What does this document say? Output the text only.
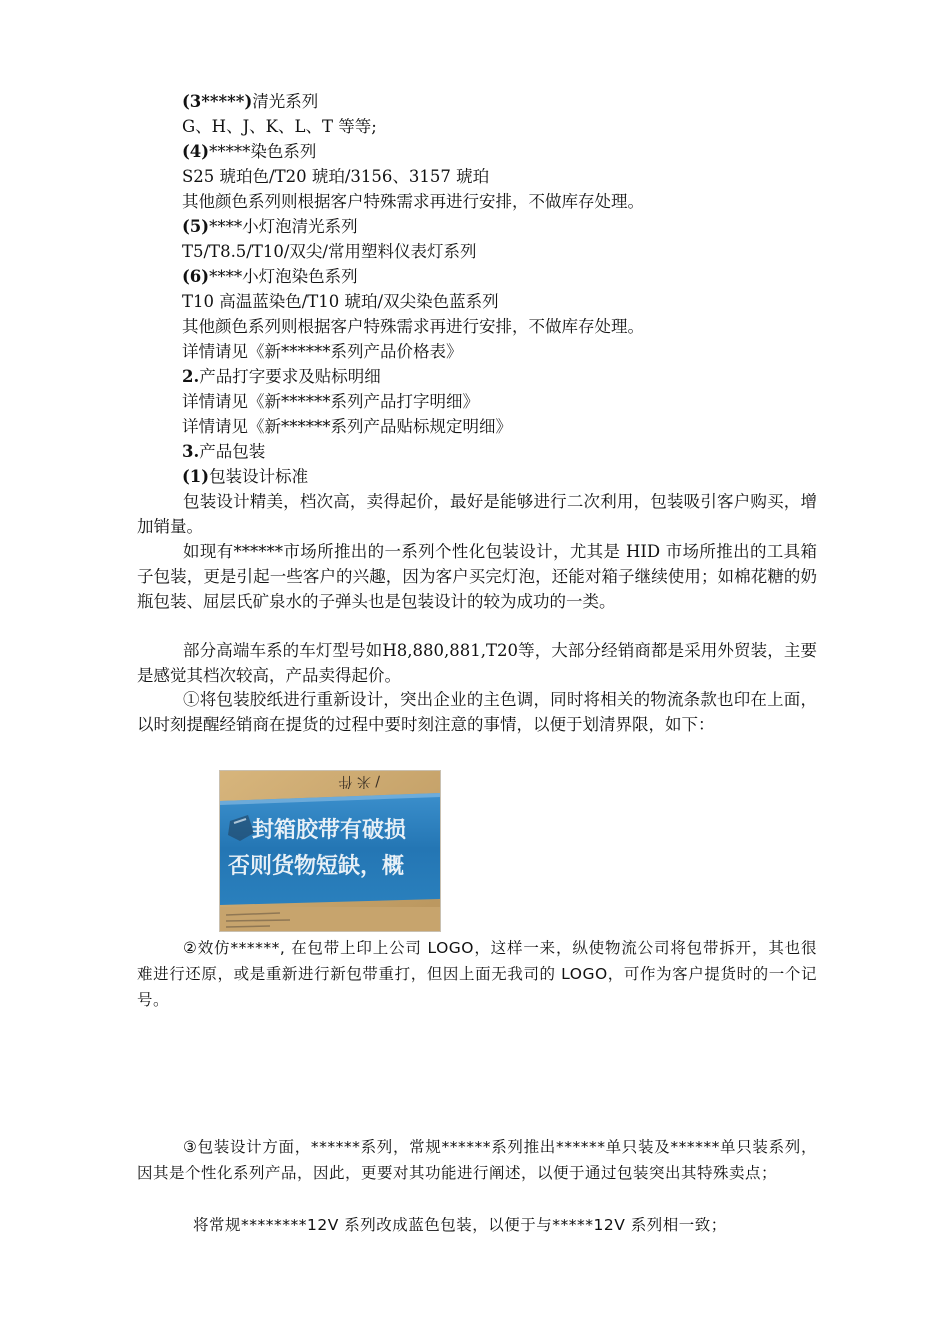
(3*****)清光系列
G、H、J、K、L、T 等等;
(4)*****染色系列
S25 琥珀色/T20 琥珀/3156、3157 琥珀
其他颜色系列则根据客户特殊需求再进行安排，不做库存处理。
(5)****小灯泡清光系列
T5/T8.5/T10/双尖/常用塑料仪表灯系列
(6)****小灯泡染色系列
T10 高温蓝染色/T10 琥珀/双尖染色蓝系列
其他颜色系列则根据客户特殊需求再进行安排，不做库存处理。
详情请见《新******系列产品价格表》
2.产品打字要求及贴标明细
详情请见《新******系列产品打字明细》
详情请见《新******系列产品贴标规定明细》
3.产品包装
(1)包装设计标准
包装设计精美，档次高，卖得起价，最好是能够进行二次利用，包装吸引客户购买，增加销量。
如现有******市场所推出的一系列个性化包装设计，尤其是 HID 市场所推出的工具箱子包装，更是引起一些客户的兴趣，因为客户买完灯泡，还能对箱子继续使用；如棉花糖的奶瓶包装、屈层氏矿泉水的子弹头也是包装设计的较为成功的一类。
部分高端车系的车灯型号如H8,880,881,T20等，大部分经销商都是采用外贸装，主要是感觉其档次较高，产品卖得起价。
①将包装胶纸进行重新设计，突出企业的主色调，同时将相关的物流条款也印在上面，以时刻提醒经销商在提货的过程中要时刻注意的事情，以便于划清界限，如下：
/ 米 件
封箱胶带有破损
否则货物短缺，概
②效仿******, 在包带上印上公司 LOGO，这样一来，纵使物流公司将包带拆开，其也很难进行还原，或是重新进行新包带重打，但因上面无我司的 LOGO，可作为客户提货时的一个记号。
③包装设计方面，******系列，常规******系列推出******单只装及******单只装系列，因其是个性化系列产品，因此，更要对其功能进行阐述，以便于通过包装突出其特殊卖点；
将常规********12V 系列改成蓝色包装，以便于与*****12V 系列相一致；
